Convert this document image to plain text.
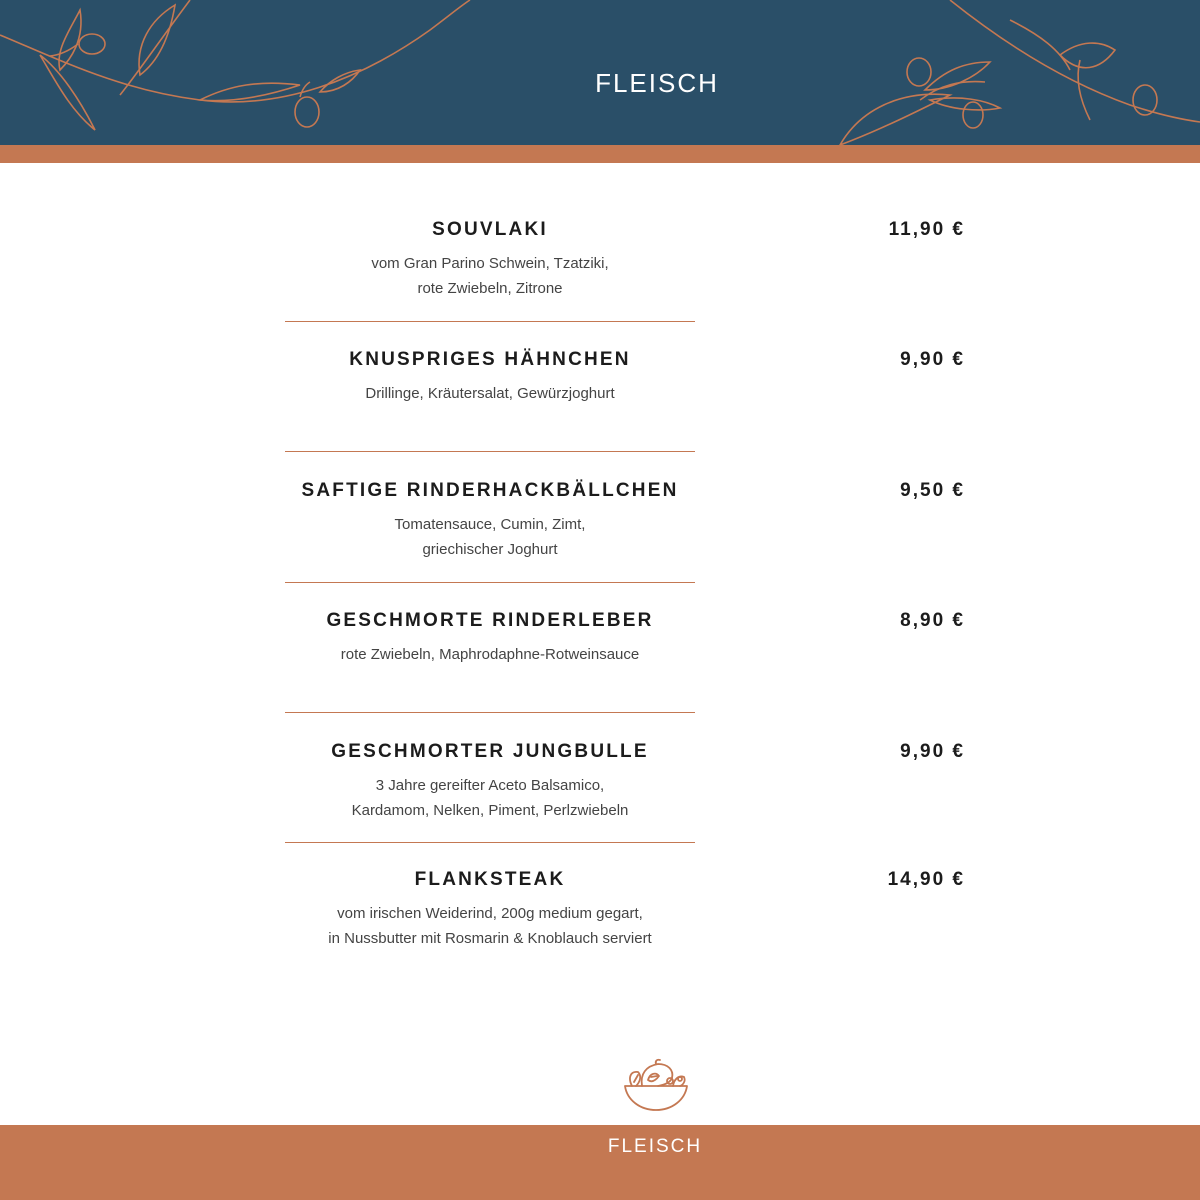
FLEISCH
SOUVLAKI
vom Gran Parino Schwein, Tzatziki,
rote Zwiebeln, Zitrone
11,90 €
KNUSPRIGES HÄHNCHEN
Drillinge, Kräutersalat, Gewürzjoghurt
9,90 €
SAFTIGE RINDERHACKBÄLLCHEN
Tomatensauce, Cumin, Zimt,
griechischer Joghurt
9,50 €
GESCHMORTE RINDERLEBER
rote Zwiebeln, Maphrodaphne-Rotweinsauce
8,90 €
GESCHMORTER JUNGBULLE
3 Jahre gereifter Aceto Balsamico,
Kardamom, Nelken, Piment, Perlzwiebeln
9,90 €
FLANKSTEAK
vom irischen Weiderind, 200g medium gegart,
in Nussbutter mit Rosmarin & Knoblauch serviert
14,90 €
FLEISCH
